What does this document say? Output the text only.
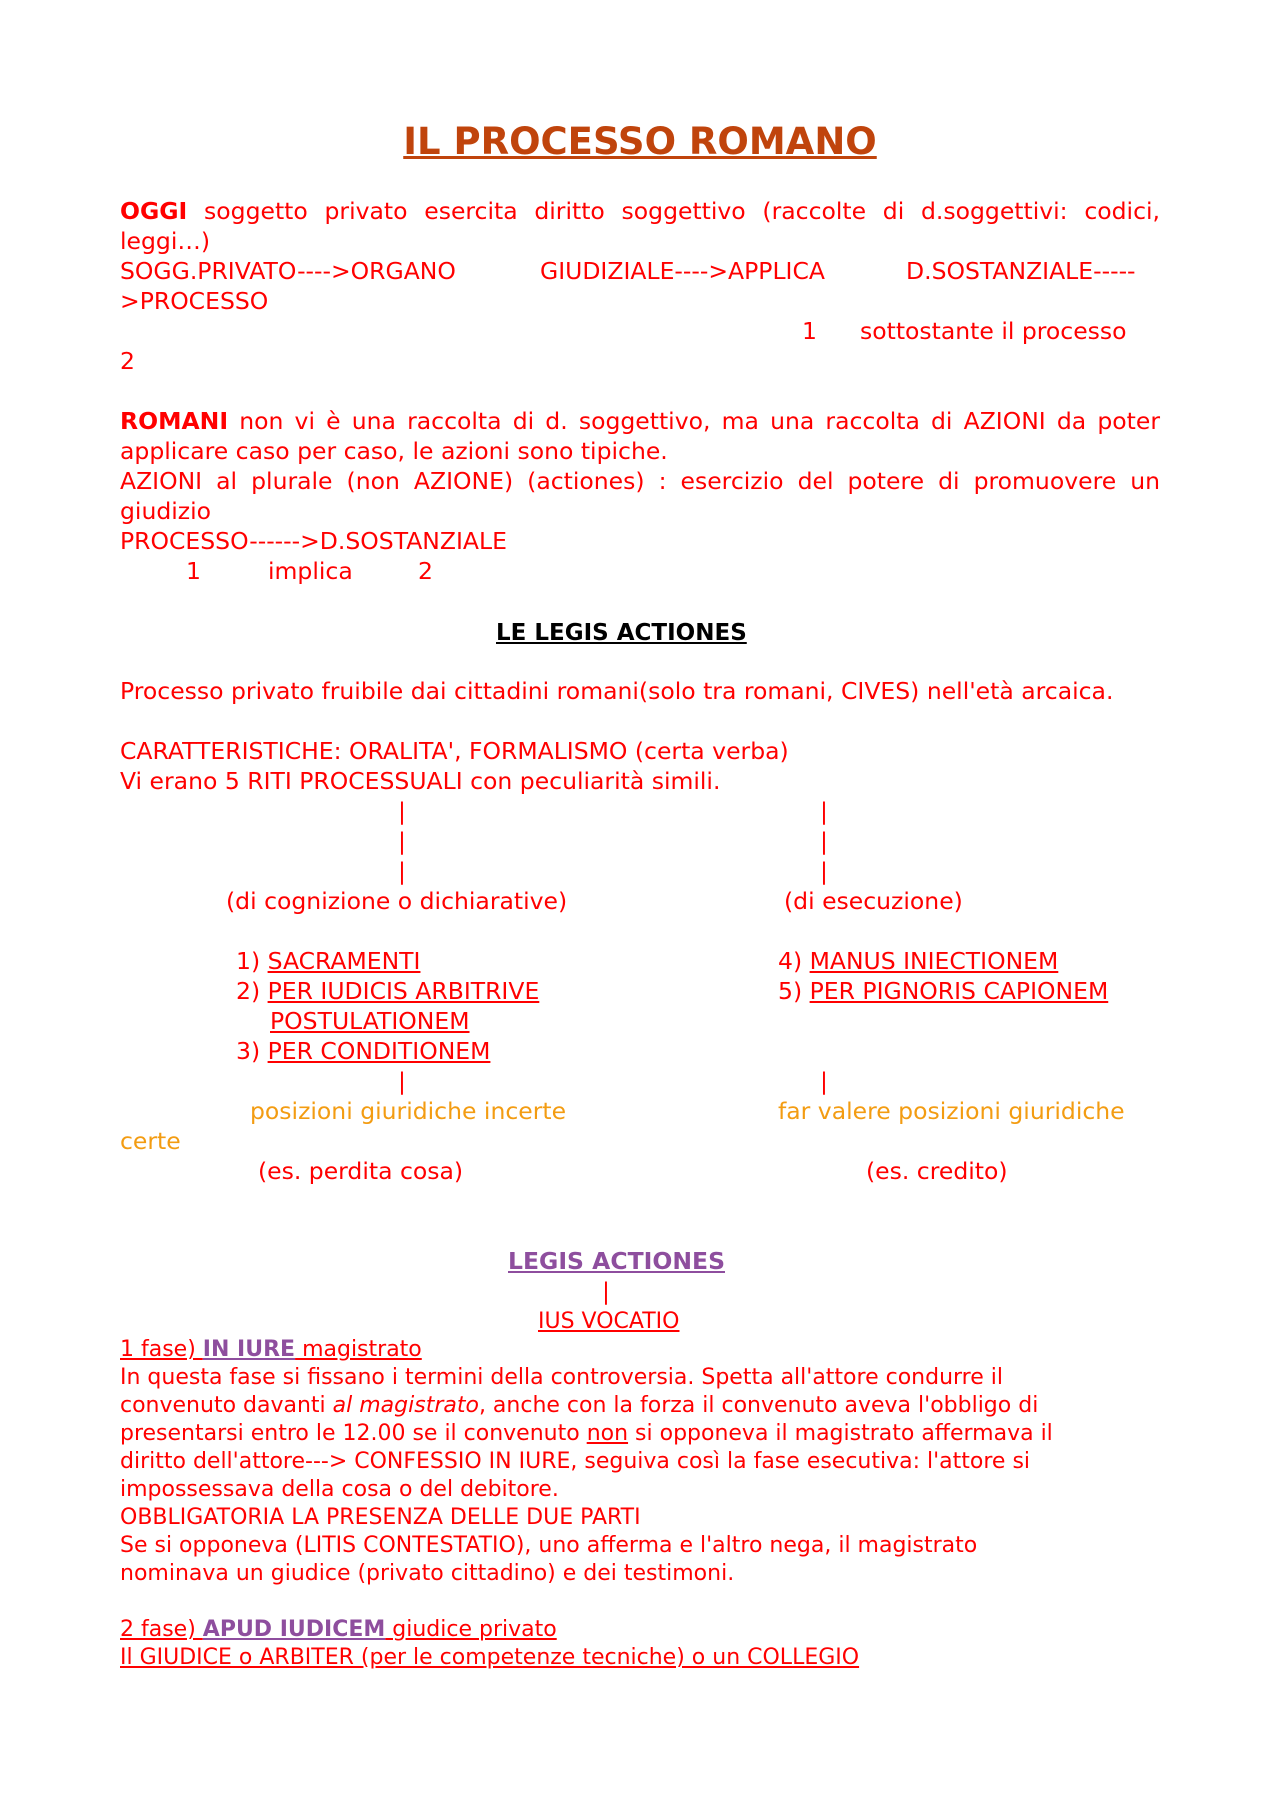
IL PROCESSO ROMANO
OGGI soggetto privato esercita diritto soggettivo (raccolte di d.soggettivi: codici, leggi…)
SOGG.PRIVATO---->ORGANO	GIUDIZIALE---->APPLICA	D.SOSTANZIALE-----
>PROCESSO
1 sottostante il processo
2
ROMANI non vi è una raccolta di d. soggettivo, ma una raccolta di AZIONI da poter applicare caso per caso, le azioni sono tipiche.
AZIONI al plurale (non AZIONE) (actiones) : esercizio del potere di promuovere un giudizio
PROCESSO------>D.SOSTANZIALE
1	implica	2
LE LEGIS ACTIONES
Processo privato fruibile dai cittadini romani(solo tra romani, CIVES) nell'età arcaica.
CARATTERISTICHE: ORALITA', FORMALISMO (certa verba)
Vi erano 5 RITI PROCESSUALI con peculiarità simili.
|
|
|
|
|
|
(di cognizione o dichiarative)	(di esecuzione)
1) SACRAMENTI
2) PER IUDICIS ARBITRIVE
POSTULATIONEM
3) PER CONDITIONEM
4) MANUS INIECTIONEM
5) PER PIGNORIS CAPIONEM
|	|
posizioni giuridiche incerte	far valere posizioni giuridiche
certe
(es. perdita cosa)	(es. credito)
LEGIS ACTIONES
|
IUS VOCATIO
1 fase) IN IURE magistrato
In questa fase si fissano i termini della controversia. Spetta all'attore condurre il
convenuto davanti al magistrato, anche con la forza il convenuto aveva l'obbligo di
presentarsi entro le 12.00 se il convenuto non si opponeva il magistrato affermava il
diritto dell'attore---> CONFESSIO IN IURE, seguiva così la fase esecutiva: l'attore si
impossessava della cosa o del debitore.
OBBLIGATORIA LA PRESENZA DELLE DUE PARTI
Se si opponeva (LITIS CONTESTATIO), uno afferma e l'altro nega, il magistrato
nominava un giudice (privato cittadino) e dei testimoni.
2 fase) APUD IUDICEM giudice privato
Il GIUDICE o ARBITER (per le competenze tecniche) o un COLLEGIO
